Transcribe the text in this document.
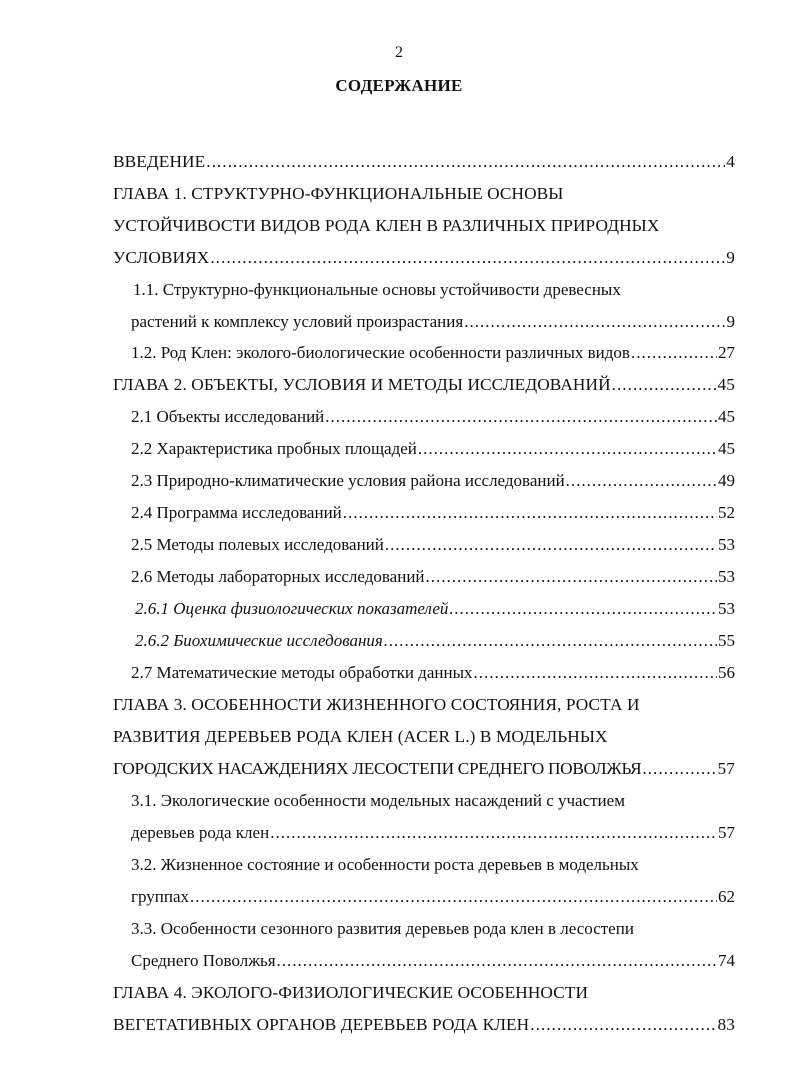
2
СОДЕРЖАНИЕ
ВВЕДЕНИЕ .....	4
ГЛАВА 1. СТРУКТУРНО-ФУНКЦИОНАЛЬНЫЕ ОСНОВЫ
УСТОЙЧИВОСТИ ВИДОВ РОДА КЛЕН В РАЗЛИЧНЫХ ПРИРОДНЫХ
УСЛОВИЯХ .....	9
1.1. Структурно-функциональные основы устойчивости древесных
растений к комплексу условий произрастания .....	9
1.2. Род Клен: эколого-биологические особенности различных видов .....	27
ГЛАВА 2. ОБЪЕКТЫ, УСЛОВИЯ И МЕТОДЫ ИССЛЕДОВАНИЙ .....	45
2.1 Объекты исследований .....	45
2.2 Характеристика пробных площадей .....	45
2.3 Природно-климатические условия района исследований .....	49
2.4 Программа исследований .....	52
2.5 Методы полевых исследований .....	53
2.6 Методы лабораторных исследований .....	53
2.6.1 Оценка физиологических показателей .....	53
2.6.2 Биохимические исследования .....	55
2.7 Математические методы обработки данных .....	56
ГЛАВА 3. ОСОБЕННОСТИ ЖИЗНЕННОГО СОСТОЯНИЯ, РОСТА И
РАЗВИТИЯ ДЕРЕВЬЕВ РОДА КЛЕН (ACER L.) В МОДЕЛЬНЫХ
ГОРОДСКИХ НАСАЖДЕНИЯХ ЛЕСОСТЕПИ СРЕДНЕГО ПОВОЛЖЬЯ .....	57
3.1. Экологические особенности модельных насаждений с участием
деревьев рода клен .....	57
3.2. Жизненное состояние и особенности роста деревьев в модельных
группах .....	62
3.3. Особенности сезонного развития деревьев рода клен в лесостепи
Среднего Поволжья .....	74
ГЛАВА 4. ЭКОЛОГО-ФИЗИОЛОГИЧЕСКИЕ ОСОБЕННОСТИ
ВЕГЕТАТИВНЫХ ОРГАНОВ ДЕРЕВЬЕВ РОДА КЛЕН .....	83
